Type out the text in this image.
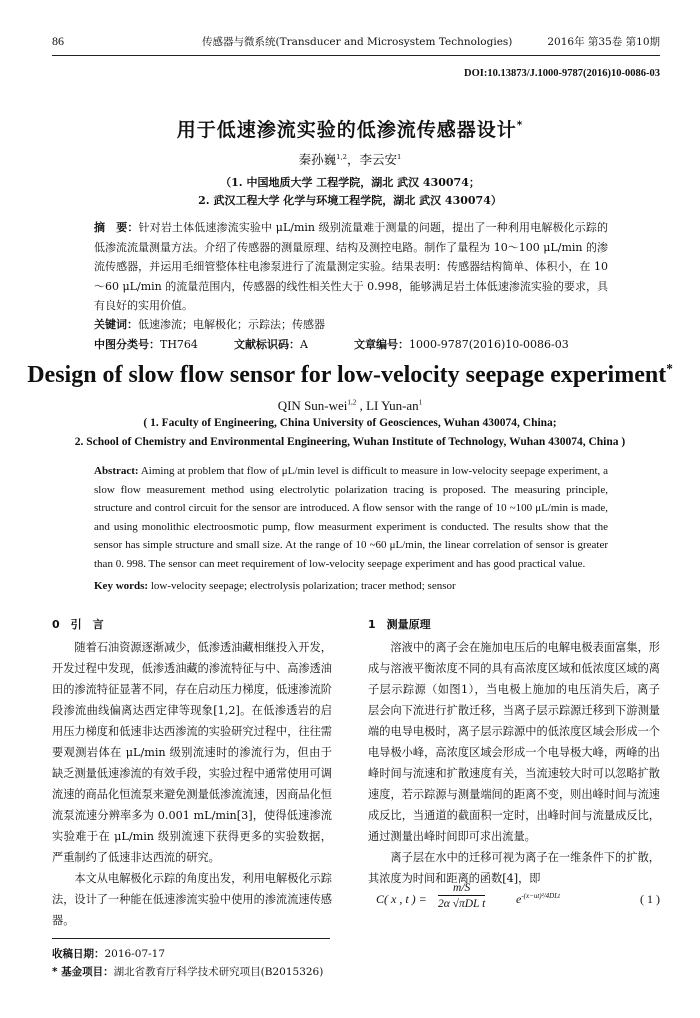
86	传感器与微系统(Transducer and Microsystem Technologies)	2016年 第35卷 第10期
DOI:10.13873/J.1000-9787(2016)10-0086-03
用于低速渗流实验的低渗流传感器设计*
秦孙巍$^{1,2}$，李云安$^1$
（1. 中国地质大学 工程学院，湖北 武汉 430074；
2. 武汉工程大学 化学与环境工程学院，湖北 武汉 430074）
摘　要：针对岩土体低速渗流实验中 μL/min 级别流量难于测量的问题，提出了一种利用电解极化示踪的低渗流流量测量方法。介绍了传感器的测量原理、结构及测控电路。制作了量程为 10～100 μL/min 的渗流传感器，并运用毛细管整体柱电渗泵进行了流量测定实验。结果表明：传感器结构简单、体积小，在 10～60 μL/min 的流量范围内，传感器的线性相关性大于 0.998，能够满足岩土体低速渗流实验的要求，具有良好的实用价值。
关键词：低速渗流；电解极化；示踪法；传感器
中图分类号：TH764	文献标识码：A	文章编号：1000-9787(2016)10-0086-03
Design of slow flow sensor for low-velocity seepage experiment*
QIN Sun-wei$^{1,2}$ , LI Yun-$an^1$
( 1. Faculty of Engineering, China University of Geosciences, Wuhan 430074, China;
2. School of Chemistry and Environmental Engineering, Wuhan Institute of Technology, Wuhan 430074, China )
Abstract: Aiming at problem that flow of μL/min level is difficult to measure in low-velocity seepage experiment, a slow flow measurement method using electrolytic polarization tracing is proposed. The measuring principle, structure and control circuit for the sensor are introduced. A flow sensor with the range of 10 ~100 μL/min is made, and using monolithic electroosmotic pump, flow measurment experiment is conducted. The results show that the sensor has simple structure and small size. At the range of 10 ~60 μL/min, the linear correlation of sensor is greater than 0. 998. The sensor can meet requirement of low-velocity seepage experiment and has good practical value.
Key words: low-velocity seepage; electrolysis polarization; tracer method; sensor
0　引　言

随着石油资源逐渐减少，低渗透油藏相继投入开发，开发过程中发现，低渗透油藏的渗流特征与中、高渗透油田的渗流特征显著不同，存在启动压力梯度，低速渗流阶段渗流曲线偏离达西定律等现象[1,2]。在低渗透岩的启用压力梯度和低速非达西渗流的实验研究过程中，往往需要观测岩体在 μL/min 级别流速时的渗流行为，但由于缺乏测量低速渗流的有效手段，实验过程中通常使用可调流速的商品化恒流泵来避免测量低渗流流速，因商品化恒流泵流速分辨率多为 0.001 mL/min[3]，使得低速渗流实验难于在 μL/min 级别流速下获得更多的实验数据，严重制约了低速非达西流的研究。

本文从电解极化示踪的角度出发，利用电解极化示踪法，设计了一种能在低速渗流实验中使用的渗流流速传感器。

1　测量原理

溶液中的离子会在施加电压后的电解电极表面富集，形成与溶液平衡浓度不同的具有高浓度区域和低浓度区域的离子层示踪源（如图1），当电极上施加的电压消失后，离子层会向下流进行扩散迁移，当离子层示踪源迁移到下游测量端的电导电极时，离子层示踪源中的低浓度区域会形成一个电导极小峰，高浓度区域会形成一个电导极大峰，两峰的出峰时间与流速和扩散速度有关，当流速较大时可以忽略扩散速度，若示踪源与测量端间的距离不变，则出峰时间与流速成反比，当通道的截面积一定时，出峰时间与流量成反比，通过测量出峰时间即可求出流量。

离子层在水中的迁移可视为离子在一维条件下的扩散，其浓度为时间和距离的函数[4]，即

C( x , t ) =
m/S
2α √πDL t	$e^{-(x-ut)^2/4DLt}$	( 1 )
收稿日期：2016-07-17
* 基金项目：湖北省教育厅科学技术研究项目(B2015326)
